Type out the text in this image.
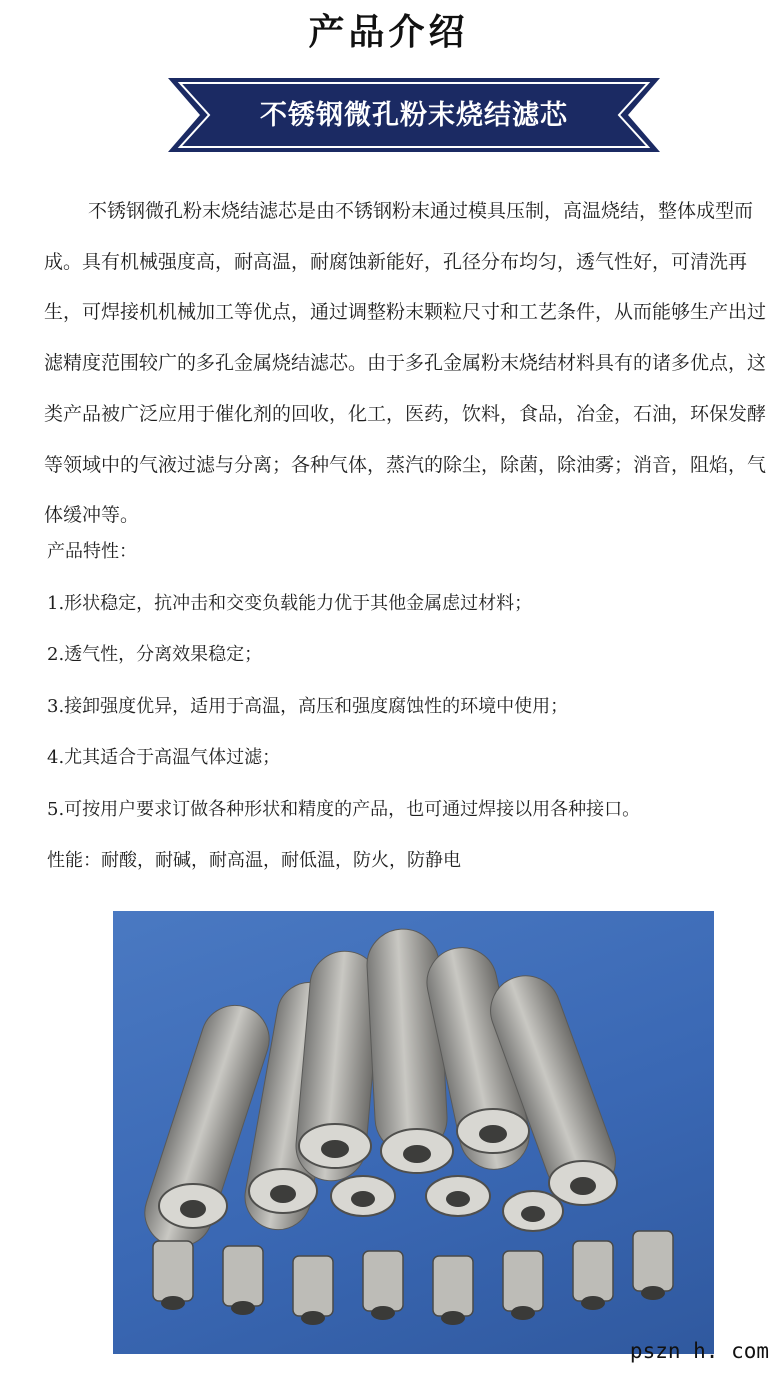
产品介绍
不锈钢微孔粉末烧结滤芯

不锈钢微孔粉末烧结滤芯是由不锈钢粉末通过模具压制，高温烧结，整体成型而成。具有机械强度高，耐高温，耐腐蚀新能好，孔径分布均匀，透气性好，可清洗再生，可焊接机机械加工等优点，通过调整粉末颗粒尺寸和工艺条件，从而能够生产出过滤精度范围较广的多孔金属烧结滤芯。由于多孔金属粉末烧结材料具有的诸多优点，这类产品被广泛应用于催化剂的回收，化工，医药，饮料，食品，冶金，石油，环保发酵等领域中的气液过滤与分离；各种气体，蒸汽的除尘，除菌，除油雾；消音，阻焰，气体缓冲等。

产品特性：
1.形状稳定，抗冲击和交变负载能力优于其他金属虑过材料；
2.透气性，分离效果稳定；
3.接卸强度优异，适用于高温，高压和强度腐蚀性的环境中使用；
4.尤其适合于高温气体过滤；
5.可按用户要求订做各种形状和精度的产品，也可通过焊接以用各种接口。
性能：耐酸，耐碱，耐高温，耐低温，防火，防静电
pszn h. com
